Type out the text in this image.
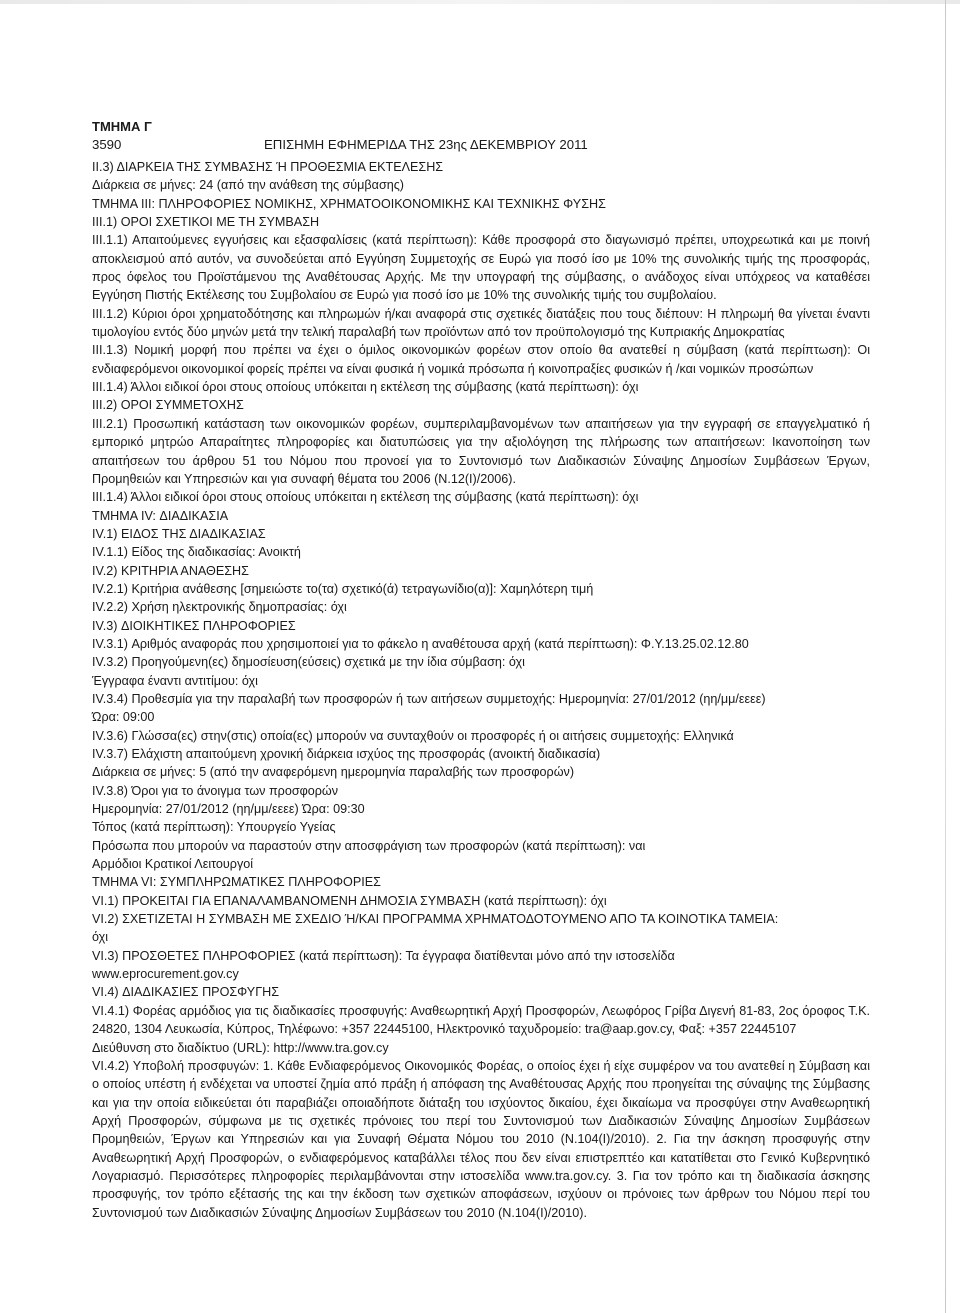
ΤΜΗΜΑ Γ
3590	ΕΠΙΣΗΜΗ ΕΦΗΜΕΡΙΔΑ ΤΗΣ 23ης ΔΕΚΕΜΒΡΙΟΥ 2011

ΙΙ.3) ΔΙΑΡΚΕΙΑ ΤΗΣ ΣΥΜΒΑΣΗΣ Ή ΠΡΟΘΕΣΜΙΑ ΕΚΤΕΛΕΣΗΣ

Διάρκεια σε μήνες: 24 (από την ανάθεση της σύμβασης)

ΤΜΗΜΑ ΙΙΙ: ΠΛΗΡΟΦΟΡΙΕΣ ΝΟΜΙΚΗΣ, ΧΡΗΜΑΤΟΟΙΚΟΝΟΜΙΚΗΣ ΚΑΙ ΤΕΧΝΙΚΗΣ ΦΥΣΗΣ

ΙΙΙ.1) ΟΡΟΙ ΣΧΕΤΙΚΟΙ ΜΕ ΤΗ ΣΥΜΒΑΣΗ

ΙΙΙ.1.1) Απαιτούμενες εγγυήσεις και εξασφαλίσεις (κατά περίπτωση): Κάθε προσφορά στο διαγωνισμό πρέπει, υποχρεωτικά και με ποινή αποκλεισμού από αυτόν, να συνοδεύεται από Εγγύηση Συμμετοχής σε Ευρώ για ποσό ίσο με 10% της συνολικής τιμής της προσφοράς, προς όφελος του Προϊστάμενου της Αναθέτουσας Αρχής. Με την υπογραφή της σύμβασης, ο ανάδοχος είναι υπόχρεος να καταθέσει Εγγύηση Πιστής Εκτέλεσης του Συμβολαίου σε Ευρώ για ποσό ίσο με 10% της συνολικής τιμής του συμβολαίου.

ΙΙΙ.1.2) Κύριοι όροι χρηματοδότησης και πληρωμών ή/και αναφορά στις σχετικές διατάξεις που τους διέπουν: Η πληρωμή θα γίνεται έναντι τιμολογίου εντός δύο μηνών μετά την τελική παραλαβή των προϊόντων από τον προϋπολογισμό της Κυπριακής Δημοκρατίας

ΙΙΙ.1.3) Νομική μορφή που πρέπει να έχει ο όμιλος οικονομικών φορέων στον οποίο θα ανατεθεί η σύμβαση (κατά περίπτωση): Οι ενδιαφερόμενοι οικονομικοί φορείς πρέπει να είναι φυσικά ή νομικά πρόσωπα ή κοινοπραξίες φυσικών ή /και νομικών προσώπων

ΙΙΙ.1.4) Άλλοι ειδικοί όροι στους οποίους υπόκειται η εκτέλεση της σύμβασης (κατά περίπτωση): όχι

ΙΙΙ.2) ΟΡΟΙ ΣΥΜΜΕΤΟΧΗΣ

ΙΙΙ.2.1) Προσωπική κατάσταση των οικονομικών φορέων, συμπεριλαμβανομένων των απαιτήσεων για την εγγραφή σε επαγγελματικό ή εμπορικό μητρώο Απαραίτητες πληροφορίες και διατυπώσεις για την αξιολόγηση της πλήρωσης των απαιτήσεων: Ικανοποίηση των απαιτήσεων του άρθρου 51 του Νόμου που προνοεί για το Συντονισμό των Διαδικασιών Σύναψης Δημοσίων Συμβάσεων Έργων, Προμηθειών και Υπηρεσιών και για συναφή θέματα του 2006 (Ν.12(Ι)/2006).

ΙΙΙ.1.4) Άλλοι ειδικοί όροι στους οποίους υπόκειται η εκτέλεση της σύμβασης (κατά περίπτωση): όχι

ΤΜΗΜΑ IV: ΔΙΑΔΙΚΑΣΙΑ

IV.1) ΕΙΔΟΣ ΤΗΣ ΔΙΑΔΙΚΑΣΙΑΣ

IV.1.1) Είδος της διαδικασίας: Ανοικτή

IV.2) ΚΡΙΤΗΡΙΑ ΑΝΑΘΕΣΗΣ

IV.2.1) Κριτήρια ανάθεσης [σημειώστε το(τα) σχετικό(ά) τετραγωνίδιο(α)]: Χαμηλότερη τιμή

IV.2.2) Χρήση ηλεκτρονικής δημοπρασίας: όχι

IV.3) ΔΙΟΙΚΗΤΙΚΕΣ ΠΛΗΡΟΦΟΡΙΕΣ

IV.3.1) Αριθμός αναφοράς που χρησιμοποιεί για το φάκελο η αναθέτουσα αρχή (κατά περίπτωση): Φ.Υ.13.25.02.12.80

IV.3.2) Προηγούμενη(ες) δημοσίευση(εύσεις) σχετικά με την ίδια σύμβαση: όχι

Έγγραφα έναντι αντιτίμου: όχι

IV.3.4) Προθεσμία για την παραλαβή των προσφορών ή των αιτήσεων συμμετοχής: Ημερομηνία: 27/01/2012 (ηη/μμ/εεεε)

Ώρα: 09:00

IV.3.6) Γλώσσα(ες) στην(στις) οποία(ες) μπορούν να συνταχθούν οι προσφορές ή οι αιτήσεις συμμετοχής: Ελληνικά

IV.3.7) Ελάχιστη απαιτούμενη χρονική διάρκεια ισχύος της προσφοράς (ανοικτή διαδικασία)

Διάρκεια σε μήνες: 5 (από την αναφερόμενη ημερομηνία παραλαβής των προσφορών)

IV.3.8) Όροι για το άνοιγμα των προσφορών

Ημερομηνία: 27/01/2012 (ηη/μμ/εεεε) Ώρα: 09:30

Τόπος (κατά περίπτωση): Υπουργείο Υγείας

Πρόσωπα που μπορούν να παραστούν στην αποσφράγιση των προσφορών (κατά περίπτωση): ναι

Αρμόδιοι Κρατικοί Λειτουργοί

ΤΜΗΜΑ VI: ΣΥΜΠΛΗΡΩΜΑΤΙΚΕΣ ΠΛΗΡΟΦΟΡΙΕΣ

VI.1) ΠΡΟΚΕΙΤΑΙ ΓΙΑ ΕΠΑΝΑΛΑΜΒΑΝΟΜΕΝΗ ΔΗΜΟΣΙΑ ΣΥΜΒΑΣΗ (κατά περίπτωση): όχι

VI.2) ΣΧΕΤΙΖΕΤΑΙ Η ΣΥΜΒΑΣΗ ΜΕ ΣΧΕΔΙΟ Ή/ΚΑΙ ΠΡΟΓΡΑΜΜΑ ΧΡΗΜΑΤΟΔΟΤΟΥΜΕΝΟ ΑΠΟ ΤΑ ΚΟΙΝΟΤΙΚΑ ΤΑΜΕΙΑ:

όχι

VI.3) ΠΡΟΣΘΕΤΕΣ ΠΛΗΡΟΦΟΡΙΕΣ (κατά περίπτωση): Τα έγγραφα διατίθενται μόνο από την ιστοσελίδα

www.eprocurement.gov.cy

VI.4) ΔΙΑΔΙΚΑΣΙΕΣ ΠΡΟΣΦΥΓΗΣ

VI.4.1) Φορέας αρμόδιος για τις διαδικασίες προσφυγής: Αναθεωρητική Αρχή Προσφορών, Λεωφόρος Γρίβα Διγενή 81-83, 2ος όροφος Τ.Κ. 24820, 1304 Λευκωσία, Κύπρος, Τηλέφωνο: +357 22445100, Ηλεκτρονικό ταχυδρομείο: tra@aap.gov.cy, Φαξ: +357 22445107

Διεύθυνση στο διαδίκτυο (URL): http://www.tra.gov.cy

VI.4.2) Υποβολή προσφυγών: 1. Κάθε Ενδιαφερόμενος Οικονομικός Φορέας, ο οποίος έχει ή είχε συμφέρον να του ανατεθεί η Σύμβαση και ο οποίος υπέστη ή ενδέχεται να υποστεί ζημία από πράξη ή απόφαση της Αναθέτουσας Αρχής που προηγείται της σύναψης της Σύμβασης και για την οποία ειδικεύεται ότι παραβιάζει οποιαδήποτε διάταξη του ισχύοντος δικαίου, έχει δικαίωμα να προσφύγει στην Αναθεωρητική Αρχή Προσφορών, σύμφωνα με τις σχετικές πρόνοιες του περί του Συντονισμού των Διαδικασιών Σύναψης Δημοσίων Συμβάσεων Προμηθειών, Έργων και Υπηρεσιών και για Συναφή Θέματα Νόμου του 2010 (Ν.104(Ι)/2010). 2. Για την άσκηση προσφυγής στην Αναθεωρητική Αρχή Προσφορών, ο ενδιαφερόμενος καταβάλλει τέλος που δεν είναι επιστρεπτέο και κατατίθεται στο Γενικό Κυβερνητικό Λογαριασμό. Περισσότερες πληροφορίες περιλαμβάνονται στην ιστοσελίδα www.tra.gov.cy. 3. Για τον τρόπο και τη διαδικασία άσκησης προσφυγής, τον τρόπο εξέτασής της και την έκδοση των σχετικών αποφάσεων, ισχύουν οι πρόνοιες των άρθρων του Νόμου περί του Συντονισμού των Διαδικασιών Σύναψης Δημοσίων Συμβάσεων του 2010 (Ν.104(Ι)/2010).
